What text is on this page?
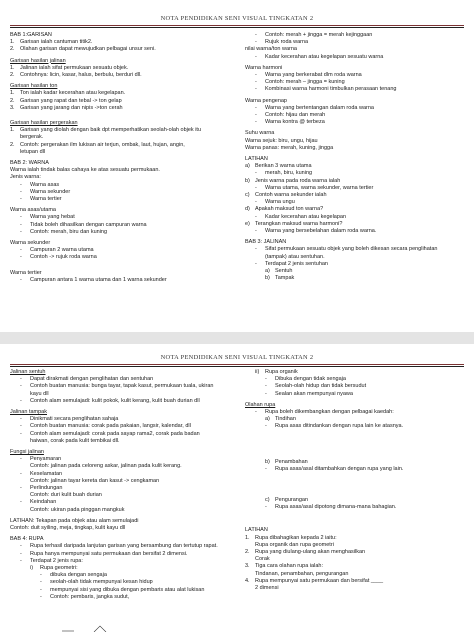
NOTA PENDIDIKAN SENI VISUAL TINGKATAN 2
BAB 1:GARISAN
1. Garisan ialah cantuman titik2.
2. Olahan garisan dapat mewujudkan pelbagai unsur seni.
Garisan hasilan jalinan
1. Jalinan ialah sifat permukaan sesuatu objek.
2. Contohnya: licin, kasar, halus, berbulu, berduri dll.
Garisan hasilan ton
1. Ton ialah kadar kecerahan atau kegelapan.
2. Garisan yang rapat dan tebal -> ton gelap
3. Garisan yang jarang dan nipis ->ton cerah
Garisan hasilan pergerakan
1. Garisan yang diolah dengan baik dpt memperhatikan seolah-olah objek itu
bergerak.
2. Contoh: pergerakan ilm lukisan air terjun, ombak, laut, hujan, angin,
letupan dll
BAB 2: WARNA
Warna ialah tindak balas cahaya ke atas sesuatu permukaan.
Jenis warna:
- Warna asas
- Warna sekunder
- Warna tertier
Warna asas/utama
- Warna yang hebat
- Tidak boleh dihasilkan dengan campuran warna
- Contoh: merah, biru dan kuning
Warna sekunder
- Campuran 2 warna utama
- Contoh -> rujuk roda warna
Warna tertier
- Campuran antara 1 warna utama dan 1 warna sekunder
- Contoh: merah + jingga = merah kejinggaan
- Rujuk roda warna
nilai warna/ton warna
- Kadar kecerahan atau kegelapan sesuatu warna
Warna harmoni
- Warna yang berkerabat dlm roda warna
- Contoh: merah – jingga = kuning
- Kombinasi warna harmoni timbulkan perasaan tenang
Warna pengenap
- Warna yang bertentangan dalam roda warna
- Contoh: hijau dan merah
- Warna kontra @ terbeza
Suhu warna
Warna sejuk: biru, ungu, hijau
Warna panas: merah, kuning, jingga
LATIHAN
a) Berikan 3 warna utama
- merah, biru, kuning
b) Jenis warna pada roda warna ialah
- Warna utama, warna sekunder, warna tertier
c) Contoh warna sekunder ialah
- Warna ungu
d) Apakah maksud ton warna?
- Kadar kecerahan atau kegelapan
e) Terangkan maksud warna harmoni?
- Warna yang bersebelahan dalam roda warna.
BAB 3: JALINAN
- Sifat permukaan sesuatu objek yang boleh dikesan secara penglihatan
(tampak) atau sentuhan.
- Terdapat 2 jenis sentuhan
a) Sentuh
b) Tampak
NOTA PENDIDIKAN SENI VISUAL TINGKATAN 2
Jalinan sentuh
- Dapat dirakmati dengan penglihatan dan sentuhan
- Contoh buatan manusia: bunga tayar, tapak kasut, permukaan tuala, ukiran
kayu dll
- Contoh alam semulajadi: kulit pokok, kulit kerang, kulit buah durian dll
Jalinan tampak
- Dinikmati secara penglihatan sahaja
- Contoh buatan manusia: corak pada pakaian, langsir, kalendar, dll
- Contoh alam semulajadi: corak pada sayap rama2, corak pada badan
haiwan, corak pada kulit tembikai dll.
Fungsi jalinan
- Penyamaran
Contoh: jalinan pada celoreng askar, jalinan pada kulit kerang.
- Keselamatan
Contoh: jalinan tayar kereta dan kasut -> cengkaman
- Perlindungan
Contoh: duri kulit buah durian
- Keindahan
Contoh: ukiran pada pinggan mangkuk
LATIHAN: Tekapan pada objek atau alam semulajadi
Contoh: duit syiling, meja, tingkap, kulit kayu dll
BAB 4: RUPA
- Rupa terhasil daripada lanjutan garisan yang bersambung dan tertutup rapat.
- Rupa hanya mempunyai satu permukaan dan bersifat 2 dimensi.
- Terdapat 2 jenis rupa:
i) Rupa geometri:
- dibuka dengan sengaja
- seolah-olah tidak mempunyai kesan hidup
- mempunyai sisi yang dibuka dengan pembaris atau alat lukisan
- Contoh: pembaris, jangka sudut,
ii) Rupa organik
- Dibuka dengan tidak sengaja
- Seolah-olah hidup dan tidak bersudut
- Sealan akan mempunyai nyawa
Olahan rupa
- Rupa boleh dikembangkan dengan pelbagai kaedah:
a) Tindihan
- Rupa asas ditindankan dengan rupa lain ke atasnya.
b) Penambahan
- Rupa asas/asal ditambahkan dengan rupa yang lain.
c) Pengurangan
- Rupa asas/asal dipotong dimana-mana bahagian.
LATIHAN
1. Rupa dibahagikan kepada 2 iaitu:
Rupa organik dan rupa geometri
2. Rupa yang diulang-ulang akan menghasilkan
Corak
3. Tiga cara olahan rupa ialah:
Tindanan, penambahan, pengurangan
4. Rupa mempunyai satu permukaan dan bersifat ____
2 dimensi
